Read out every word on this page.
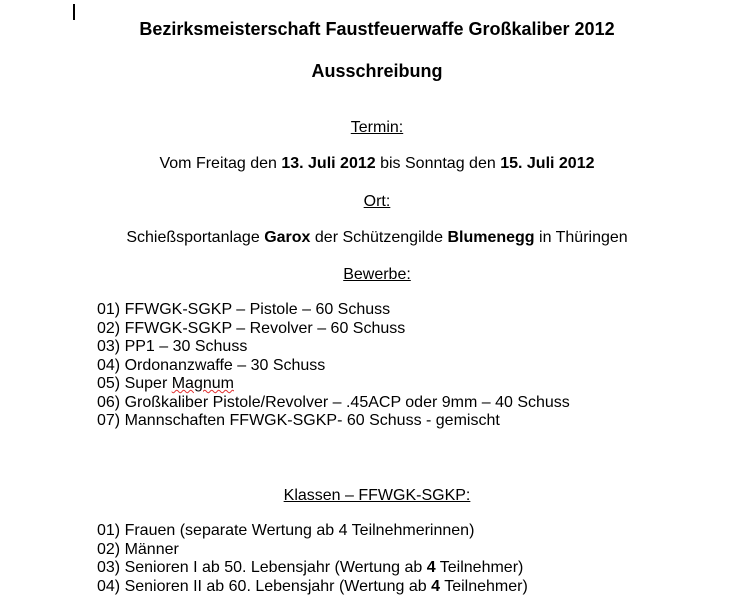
Bezirksmeisterschaft Faustfeuerwaffe Großkaliber 2012
Ausschreibung
Termin:
Vom Freitag den 13. Juli 2012 bis Sonntag den 15. Juli 2012
Ort:
Schießsportanlage Garox der Schützengilde Blumenegg in Thüringen
Bewerbe:
01) FFWGK-SGKP – Pistole – 60 Schuss
02) FFWGK-SGKP – Revolver – 60 Schuss
03) PP1 – 30 Schuss
04) Ordonanzwaffe – 30 Schuss
05) Super Magnum
06) Großkaliber Pistole/Revolver – .45ACP oder 9mm – 40 Schuss
07) Mannschaften FFWGK-SGKP- 60 Schuss - gemischt
Klassen – FFWGK-SGKP:
01) Frauen (separate Wertung ab 4 Teilnehmerinnen)
02) Männer
03) Senioren I ab 50. Lebensjahr (Wertung ab 4 Teilnehmer)
04) Senioren II ab 60. Lebensjahr (Wertung ab 4 Teilnehmer)
